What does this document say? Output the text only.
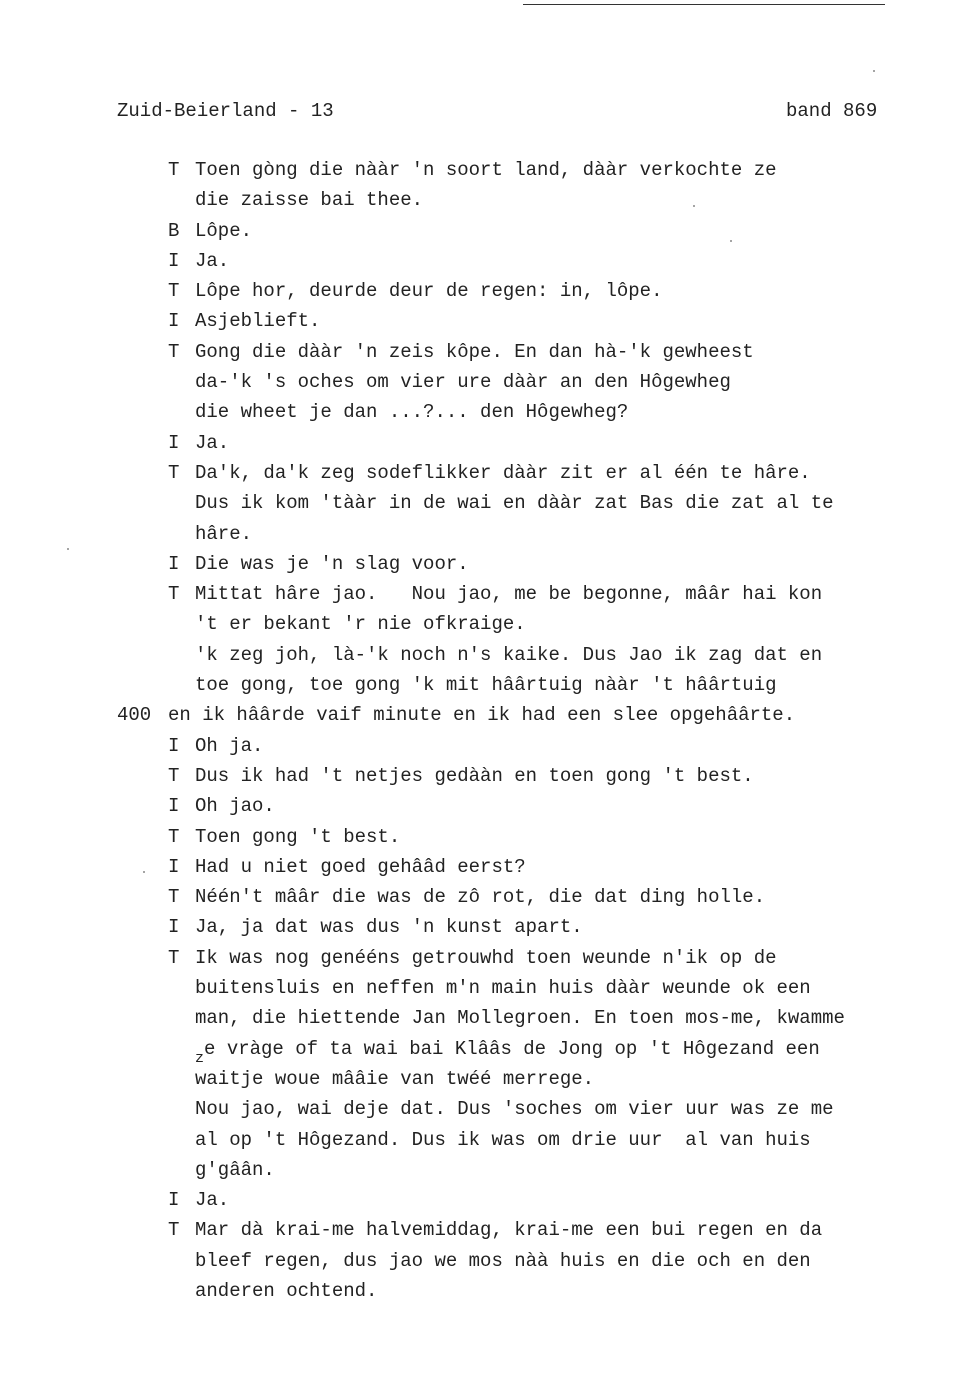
Zuid-Beierland - 13	band 869
T Toen gòng die nààr 'n soort land, dààr verkochte ze
die zaisse bai thee.
B Lôpe.
I Ja.
T Lôpe hor, deurde deur de regen: in, lôpe.
I Asjeblieft.
T Gong die dààr 'n zeis kôpe. En dan hà-'k gewheest
da-'k 's oches om vier ure dààr an den Hôgewheg
die wheet je dan ...?... den Hôgewheg?
I Ja.
T Da'k, da'k zeg sodeflikker dààr zit er al één te hâre.
Dus ik kom 'tààr in de wai en dààr zat Bas die zat al te
hâre.
I Die was je 'n slag voor.
T Mittat hâre jao.   Nou jao, me be begonne, mââr hai kon
't er bekant 'r nie ofkraige.
'k zeg joh, là-'k noch n's kaike. Dus Jao ik zag dat en
toe gong, toe gong 'k mit hâârtuig nààr 't hâârtuig
400 en ik hâârde vaif minute en ik had een slee opgehâârte.
I Oh ja.
T Dus ik had 't netjes gedààn en toen gong 't best.
I Oh jao.
T Toen gong 't best.
I Had u niet goed gehââd eerst?
T Néén't mââr die was de zô rot, die dat ding holle.
I Ja, ja dat was dus 'n kunst apart.
T Ik was nog genééns getrouwhd toen weunde n'ik op de
buitensluis en neffen m'n main huis dààr weunde ok een
man, die hiettende Jan Mollegroen. En toen mos-me, kwamme
$_z$e vràge of ta wai bai Klââs de Jong op 't Hôgezand een
waitje woue mââie van twéé merrege.
Nou jao, wai deje dat. Dus 'soches om vier uur was ze me
al op 't Hôgezand. Dus ik was om drie uur  al van huis
g'gâân.
I Ja.
T Mar dà krai-me halvemiddag, krai-me een bui regen en da
bleef regen, dus jao we mos nàà huis en die och en den
anderen ochtend.
